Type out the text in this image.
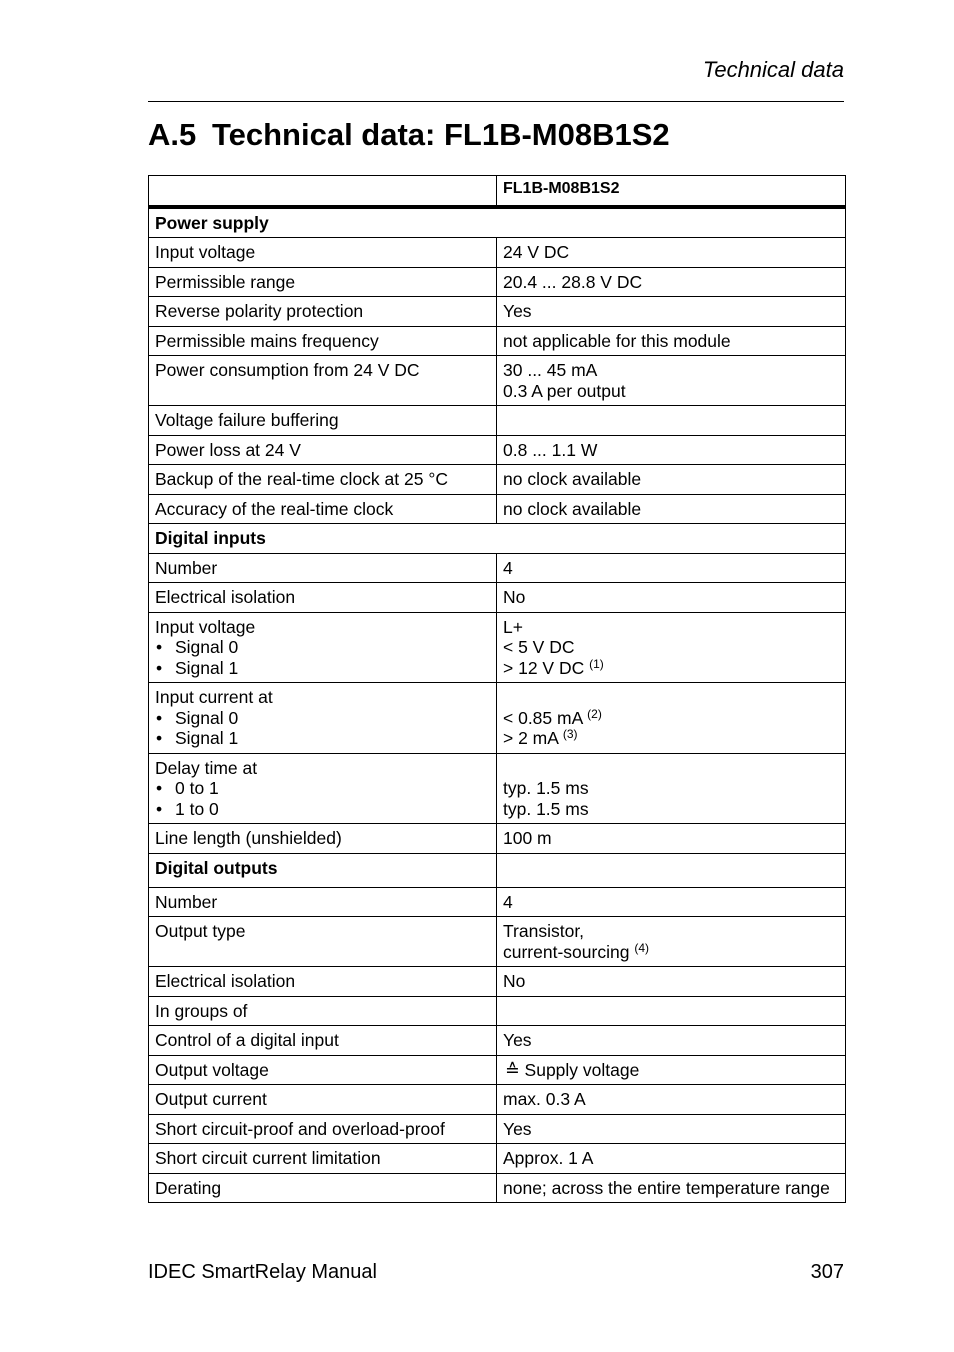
Technical data
A.5 Technical data: FL1B-M08B1S2
	FL1B-M08B1S2
Power supply	
Input voltage	24 V DC
Permissible range	20.4 ... 28.8 V DC
Reverse polarity protection	Yes
Permissible mains frequency	not applicable for this module
Power consumption from 24 V DC	30 ... 45 mA
0.3 A per output

Voltage failure buffering	
Power loss at 24 V	0.8 ... 1.1 W
Backup of the real-time clock at 25 °C	no clock available
Accuracy of the real-time clock	no clock available
Digital inputs	
Number	4
Electrical isolation	No

Input voltage
• Signal 0
• Signal 1	L+
< 5 V DC
> 12 V DC $^{(1)}$

Input current at
• Signal 0
• Signal 1	< 0.85 mA $^{(2)}$
> 2 mA $^{(3)}$

Delay time at
• 0 to 1
• 1 to 0	typ. 1.5 ms
typ. 1.5 ms

Line length (unshielded)	100 m
Digital outputs	
Number	4
Output type	Transistor,
current-sourcing $^{(4)}$

Electrical isolation	No
In groups of	
Control of a digital input	Yes
Output voltage	≙ Supply voltage
Output current	max. 0.3 A
Short circuit-proof and overload-proof	Yes
Short circuit current limitation	Approx. 1 A
Derating	none; across the entire temperature range
IDEC SmartRelay Manual	307
